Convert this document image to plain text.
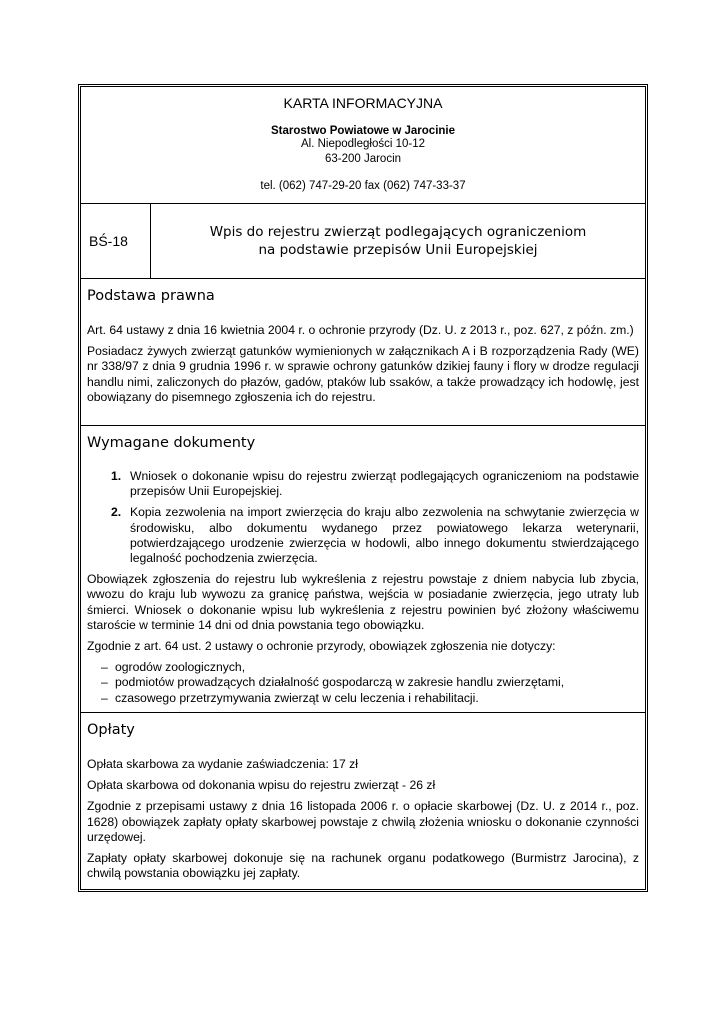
KARTA INFORMACYJNA
Starostwo Powiatowe w Jarocinie
Al. Niepodległości 10-12
63-200 Jarocin
tel. (062) 747-29-20 fax (062) 747-33-37
BŚ-18
Wpis do rejestru zwierząt podlegających ograniczeniom
na podstawie przepisów Unii Europejskiej
Podstawa prawna
Art. 64 ustawy z dnia 16 kwietnia 2004 r. o ochronie przyrody (Dz. U. z 2013 r., poz. 627, z późn. zm.)
Posiadacz żywych zwierząt gatunków wymienionych w załącznikach A i B rozporządzenia Rady (WE) nr 338/97 z dnia 9 grudnia 1996 r. w sprawie ochrony gatunków dzikiej fauny i flory w drodze regulacji handlu nimi, zaliczonych do płazów, gadów, ptaków lub ssaków, a także prowadzący ich hodowlę, jest obowiązany do pisemnego zgłoszenia ich do rejestru.
Wymagane dokumenty
1. Wniosek o dokonanie wpisu do rejestru zwierząt podlegających ograniczeniom na podstawie przepisów Unii Europejskiej.
2. Kopia zezwolenia na import zwierzęcia do kraju albo zezwolenia na schwytanie zwierzęcia w środowisku, albo dokumentu wydanego przez powiatowego lekarza weterynarii, potwierdzającego urodzenie zwierzęcia w hodowli, albo innego dokumentu stwierdzającego legalność pochodzenia zwierzęcia.
Obowiązek zgłoszenia do rejestru lub wykreślenia z rejestru powstaje z dniem nabycia lub zbycia, wwozu do kraju lub wywozu za granicę państwa, wejścia w posiadanie zwierzęcia, jego utraty lub śmierci. Wniosek o dokonanie wpisu lub wykreślenia z rejestru powinien być złożony właściwemu staroście w terminie 14 dni od dnia powstania tego obowiązku.
Zgodnie z art. 64 ust. 2 ustawy o ochronie przyrody, obowiązek zgłoszenia nie dotyczy:
– ogrodów zoologicznych,
– podmiotów prowadzących działalność gospodarczą w zakresie handlu zwierzętami,
– czasowego przetrzymywania zwierząt w celu leczenia i rehabilitacji.
Opłaty
Opłata skarbowa za wydanie zaświadczenia: 17 zł
Opłata skarbowa od dokonania wpisu do rejestru zwierząt - 26 zł
Zgodnie z przepisami ustawy z dnia 16 listopada 2006 r. o opłacie skarbowej (Dz. U. z 2014 r., poz. 1628) obowiązek zapłaty opłaty skarbowej powstaje z chwilą złożenia wniosku o dokonanie czynności urzędowej.
Zapłaty opłaty skarbowej dokonuje się na rachunek organu podatkowego (Burmistrz Jarocina), z chwilą powstania obowiązku jej zapłaty.
